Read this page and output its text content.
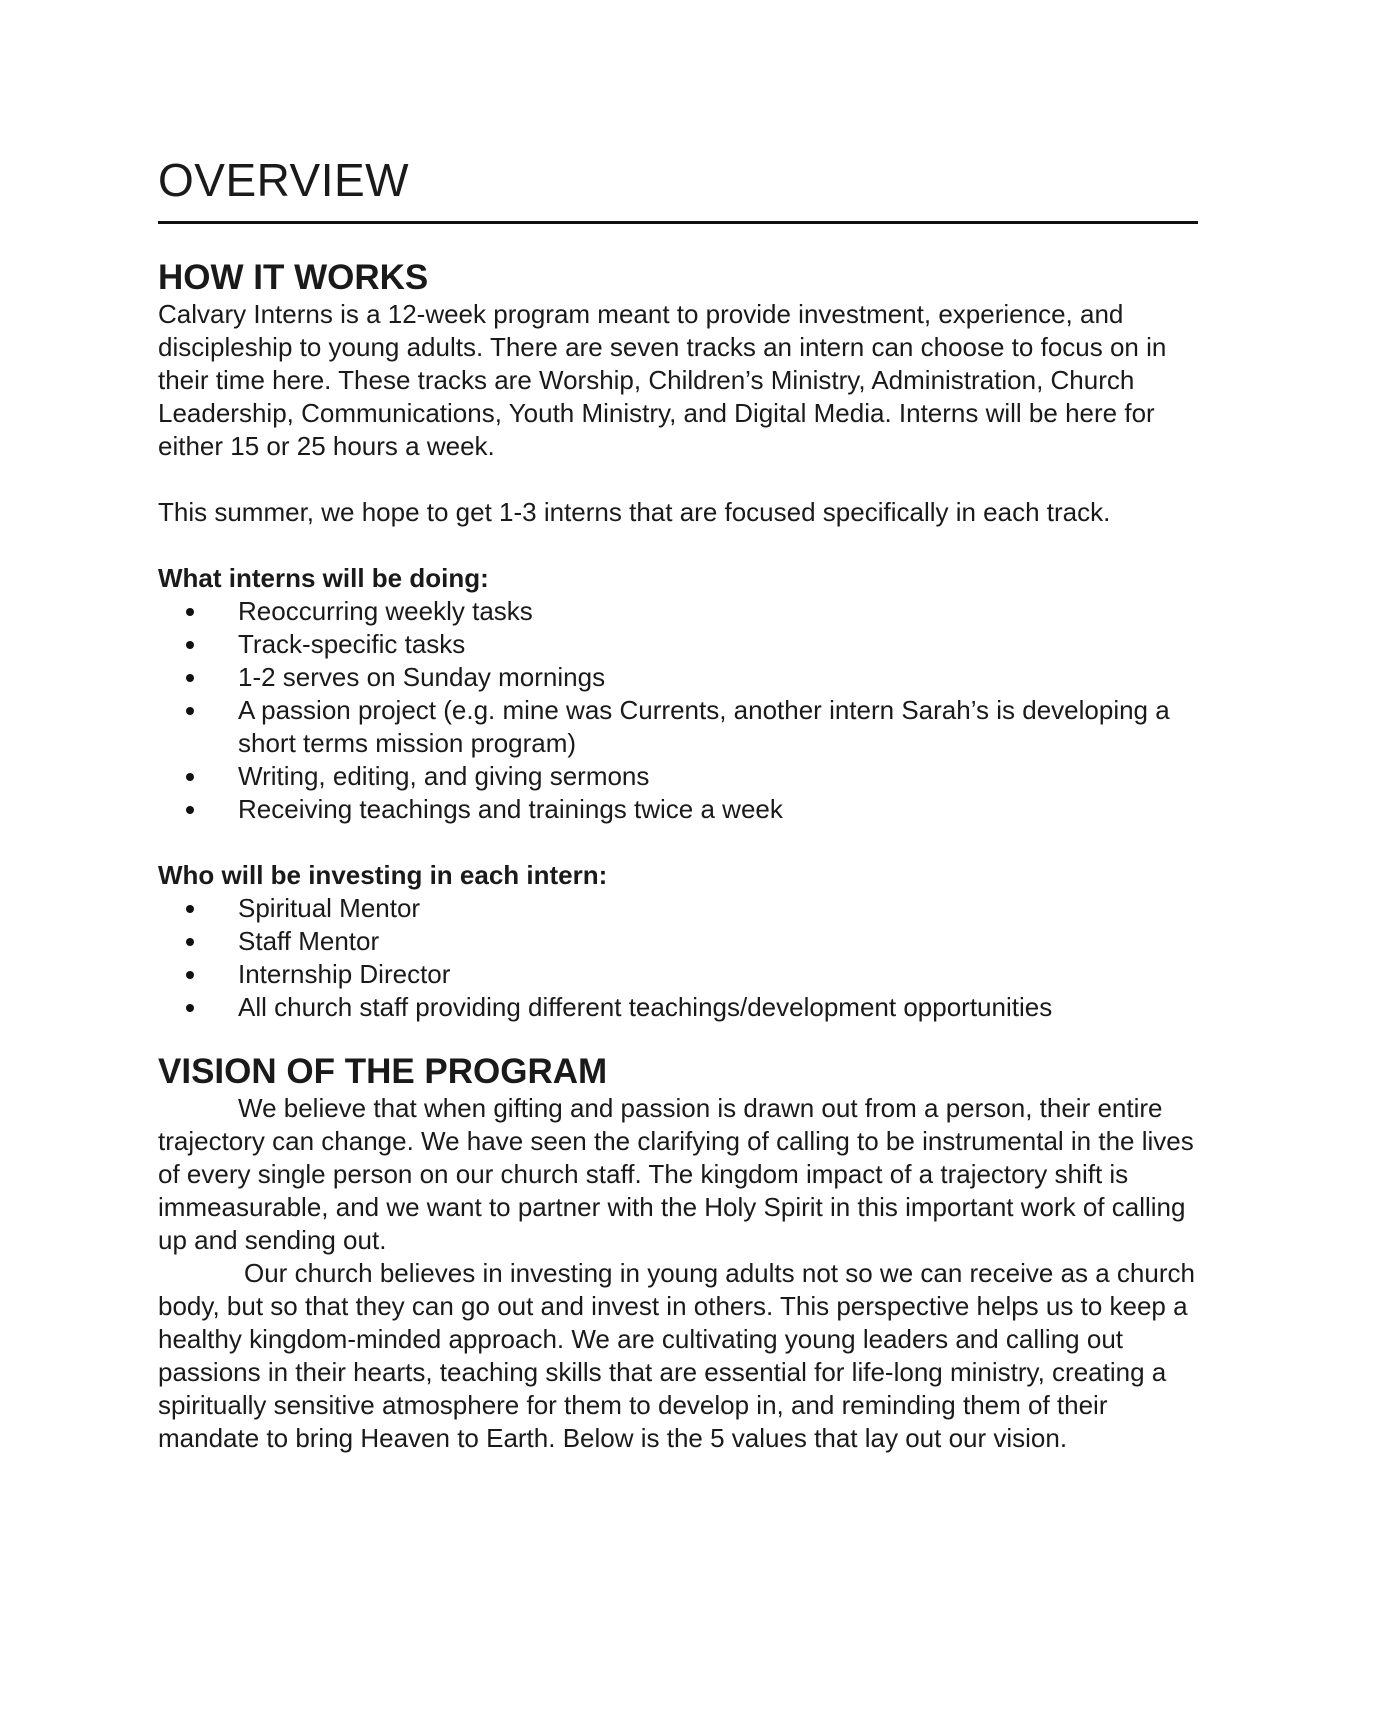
OVERVIEW
HOW IT WORKS

Calvary Interns is a 12-week program meant to provide investment, experience, and discipleship to young adults. There are seven tracks an intern can choose to focus on in their time here. These tracks are Worship, Children’s Ministry, Administration, Church Leadership, Communications, Youth Ministry, and Digital Media. Interns will be here for either 15 or 25 hours a week.

This summer, we hope to get 1-3 interns that are focused specifically in each track.

What interns will be doing:

Reoccurring weekly tasks
Track-specific tasks
1-2 serves on Sunday mornings
A passion project (e.g. mine was Currents, another intern Sarah’s is developing a short terms mission program)
Writing, editing, and giving sermons
Receiving teachings and trainings twice a week

Who will be investing in each intern:

Spiritual Mentor
Staff Mentor
Internship Director
All church staff providing different teachings/development opportunities
VISION OF THE PROGRAM

We believe that when gifting and passion is drawn out from a person, their entire trajectory can change. We have seen the clarifying of calling to be instrumental in the lives of every single person on our church staff. The kingdom impact of a trajectory shift is immeasurable, and we want to partner with the Holy Spirit in this important work of calling up and sending out.

Our church believes in investing in young adults not so we can receive as a church body, but so that they can go out and invest in others. This perspective helps us to keep a healthy kingdom-minded approach. We are cultivating young leaders and calling out passions in their hearts, teaching skills that are essential for life-long ministry, creating a spiritually sensitive atmosphere for them to develop in, and reminding them of their mandate to bring Heaven to Earth. Below is the 5 values that lay out our vision.
